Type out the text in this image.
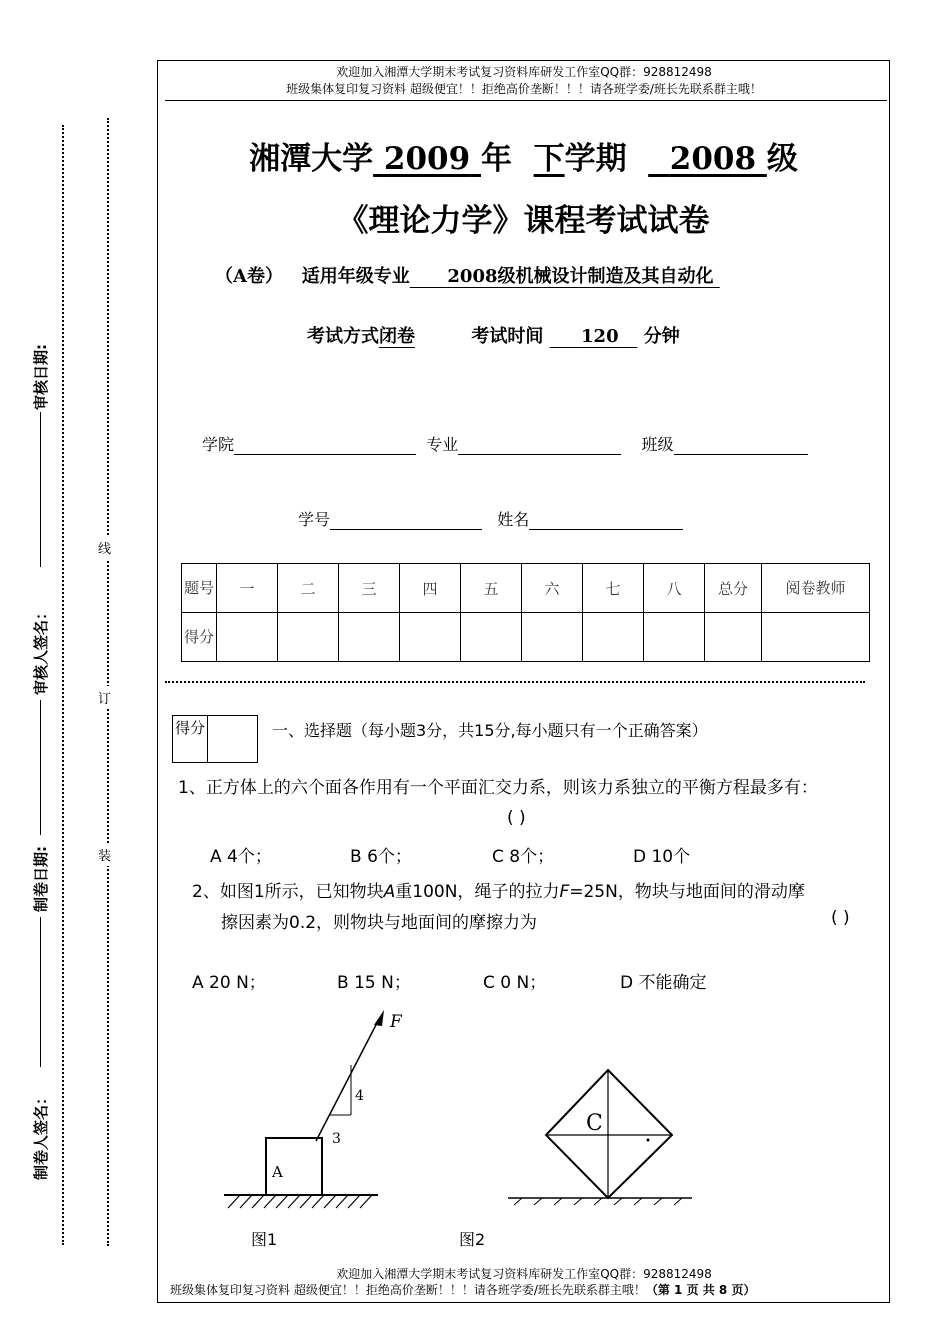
欢迎加入湘潭大学期末考试复习资料库研发工作室QQ群：928812498
班级集体复印复习资料 超级便宜！！拒绝高价垄断！！！请各班学委/班长先联系群主哦！
湘潭大学 2009 年 下学期 2008 级
《理论力学》课程考试试卷
（A卷） 适用年级专业 2008级机械设计制造及其自动化
考试方式闭卷	考试时间 120 分钟
学院	专业	班级
学号	姓名
题号	一	二	三	四	五	六	七	八	总分	阅卷教师
得分										
得分	一、选择题（每小题3分，共15分,每小题只有一个正确答案）
1、正方体上的六个面各作用有一个平面汇交力系，则该力系独立的平衡方程最多有：
( )
A 4个；	B 6个；	C 8个；	D 10个
2、如图1所示，已知物块A重100N，绳子的拉力F=25N，物块与地面间的滑动摩
擦因素为0.2，则物块与地面间的摩擦力为	( )
A 20 N；	B 15 N；	C 0 N；	D 不能确定
F
4
3
A
C
图1	图2
欢迎加入湘潭大学期末考试复习资料库研发工作室QQ群：928812498
班级集体复印复习资料 超级便宜！！拒绝高价垄断！！！请各班学委/班长先联系群主哦！（第 1 页 共 8 页）
审核日期:
审核人签名：
制卷日期:
制卷人签名：
线
订
装
